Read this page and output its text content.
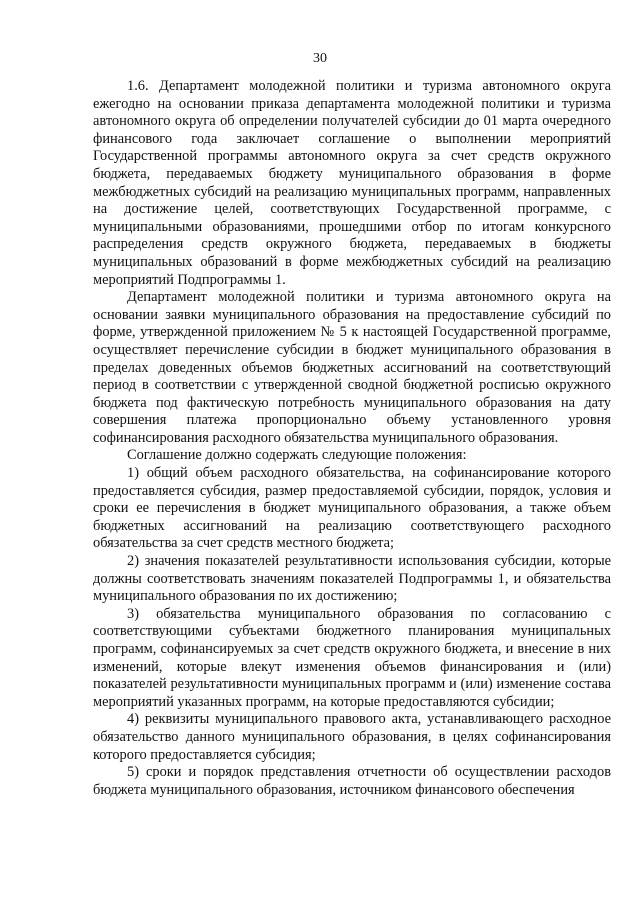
30

1.6. Департамент молодежной политики и туризма автономного округа ежегодно на основании приказа департамента молодежной политики и туризма автономного округа об определении получателей субсидии до 01 марта очередного финансового года заключает соглашение о выполнении мероприятий Государственной программы автономного округа за счет средств окружного бюджета, передаваемых бюджету муниципального образования в форме межбюджетных субсидий на реализацию муниципальных программ, направленных на достижение целей, соответствующих Государственной программе, с муниципальными образованиями, прошедшими отбор по итогам конкурсного распределения средств окружного бюджета, передаваемых в бюджеты муниципальных образований в форме межбюджетных субсидий на реализацию мероприятий Подпрограммы 1.

Департамент молодежной политики и туризма автономного округа на основании заявки муниципального образования на предоставление субсидий по форме, утвержденной приложением № 5 к настоящей Государственной программе, осуществляет перечисление субсидии в бюджет муниципального образования в пределах доведенных объемов бюджетных ассигнований на соответствующий период в соответствии с утвержденной сводной бюджетной росписью окружного бюджета под фактическую потребность муниципального образования на дату совершения платежа пропорционально объему установленного уровня софинансирования расходного обязательства муниципального образования.

Соглашение должно содержать следующие положения:

1) общий объем расходного обязательства, на софинансирование которого предоставляется субсидия, размер предоставляемой субсидии, порядок, условия и сроки ее перечисления в бюджет муниципального образования, а также объем бюджетных ассигнований на реализацию соответствующего расходного обязательства за счет средств местного бюджета;

2) значения показателей результативности использования субсидии, которые должны соответствовать значениям показателей Подпрограммы 1, и обязательства муниципального образования по их достижению;

3) обязательства муниципального образования по согласованию с соответствующими субъектами бюджетного планирования муниципальных программ, софинансируемых за счет средств окружного бюджета, и внесение в них изменений, которые влекут изменения объемов финансирования и (или) показателей результативности муниципальных программ и (или) изменение состава мероприятий указанных программ, на которые предоставляются субсидии;

4) реквизиты муниципального правового акта, устанавливающего расходное обязательство данного муниципального образования, в целях софинансирования которого предоставляется субсидия;

5) сроки и порядок представления отчетности об осуществлении расходов бюджета муниципального образования, источником финансового обеспечения
